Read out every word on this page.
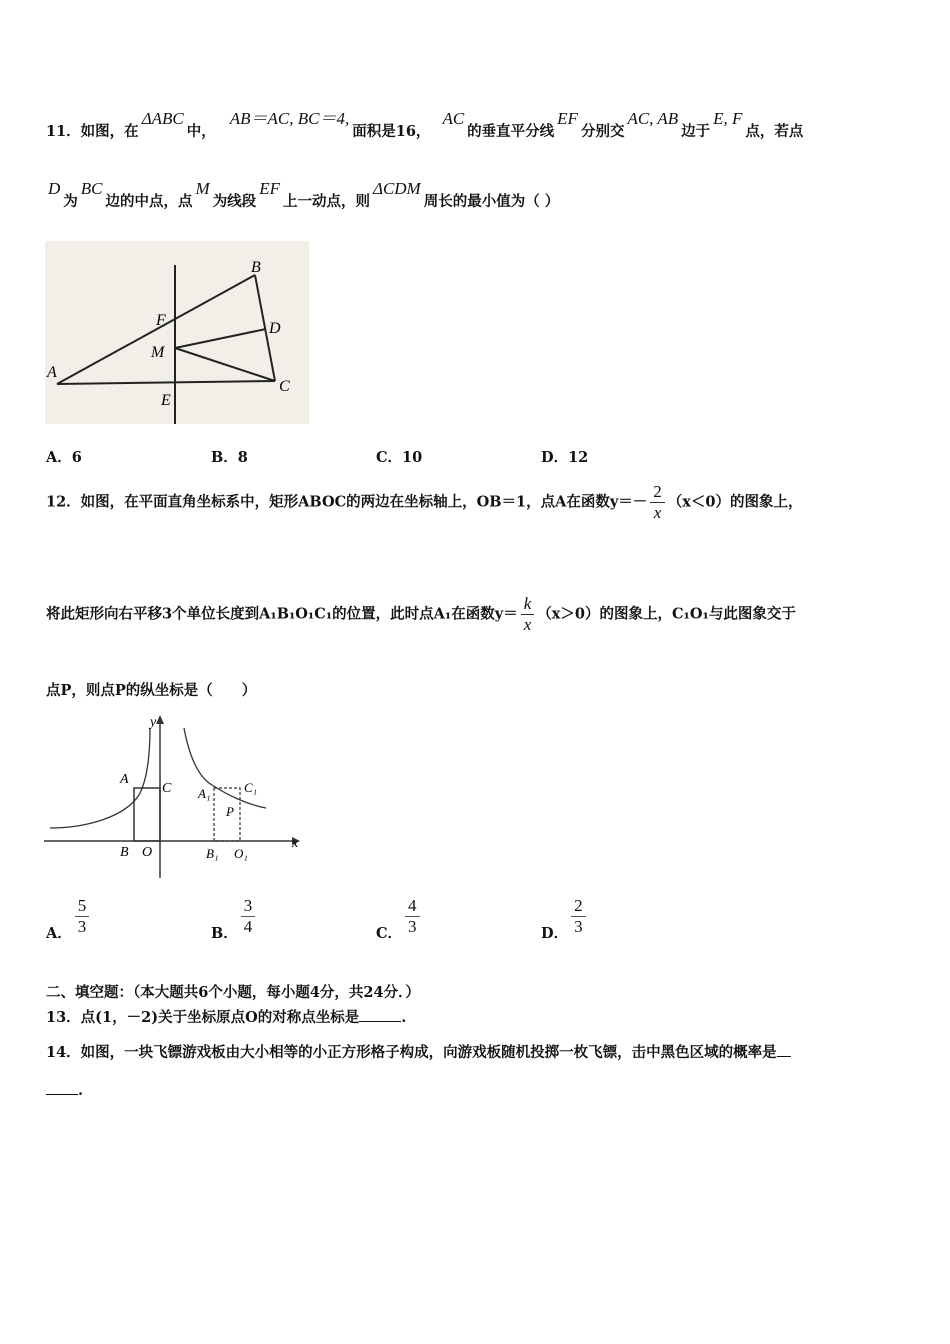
11．如图，在ΔABC中，AB＝AC, BC＝4,面积是16，AC的垂直平分线EF分别交AC, AB边于E, F点，若点
D为BC边的中点，点M为线段EF上一动点，则ΔCDM周长的最小值为（ ）
A
B
C
D
E
F
M
A．6	B．8	C．10	D．12
12．如图，在平面直角坐标系中，矩形ABOC的两边在坐标轴上，OB＝1，点A在函数$y=- \frac{2}{x} (x<0)$的图象上，
将此矩形向右平移3个单位长度到A₁B₁O₁C₁的位置，此时点A₁在函数$y= \frac{k}{x} (x>0)$的图象上，C₁O₁与此图象交于
点P，则点P的纵坐标是（　　）
y
x
A
C
B O
A₁	C₁
P
B₁ O₁
A． $\frac{5}{3}$	B． $\frac{3}{4}$	C． $\frac{4}{3}$	D． $\frac{2}{3}$
二、填空题：（本大题共6个小题，每小题4分，共24分．）
13．点(1，－2)关于坐标原点O的对称点坐标是	.
14．如图，一块飞镖游戏板由大小相等的小正方形格子构成，向游戏板随机投掷一枚飞镖，击中黑色区域的概率是
.
